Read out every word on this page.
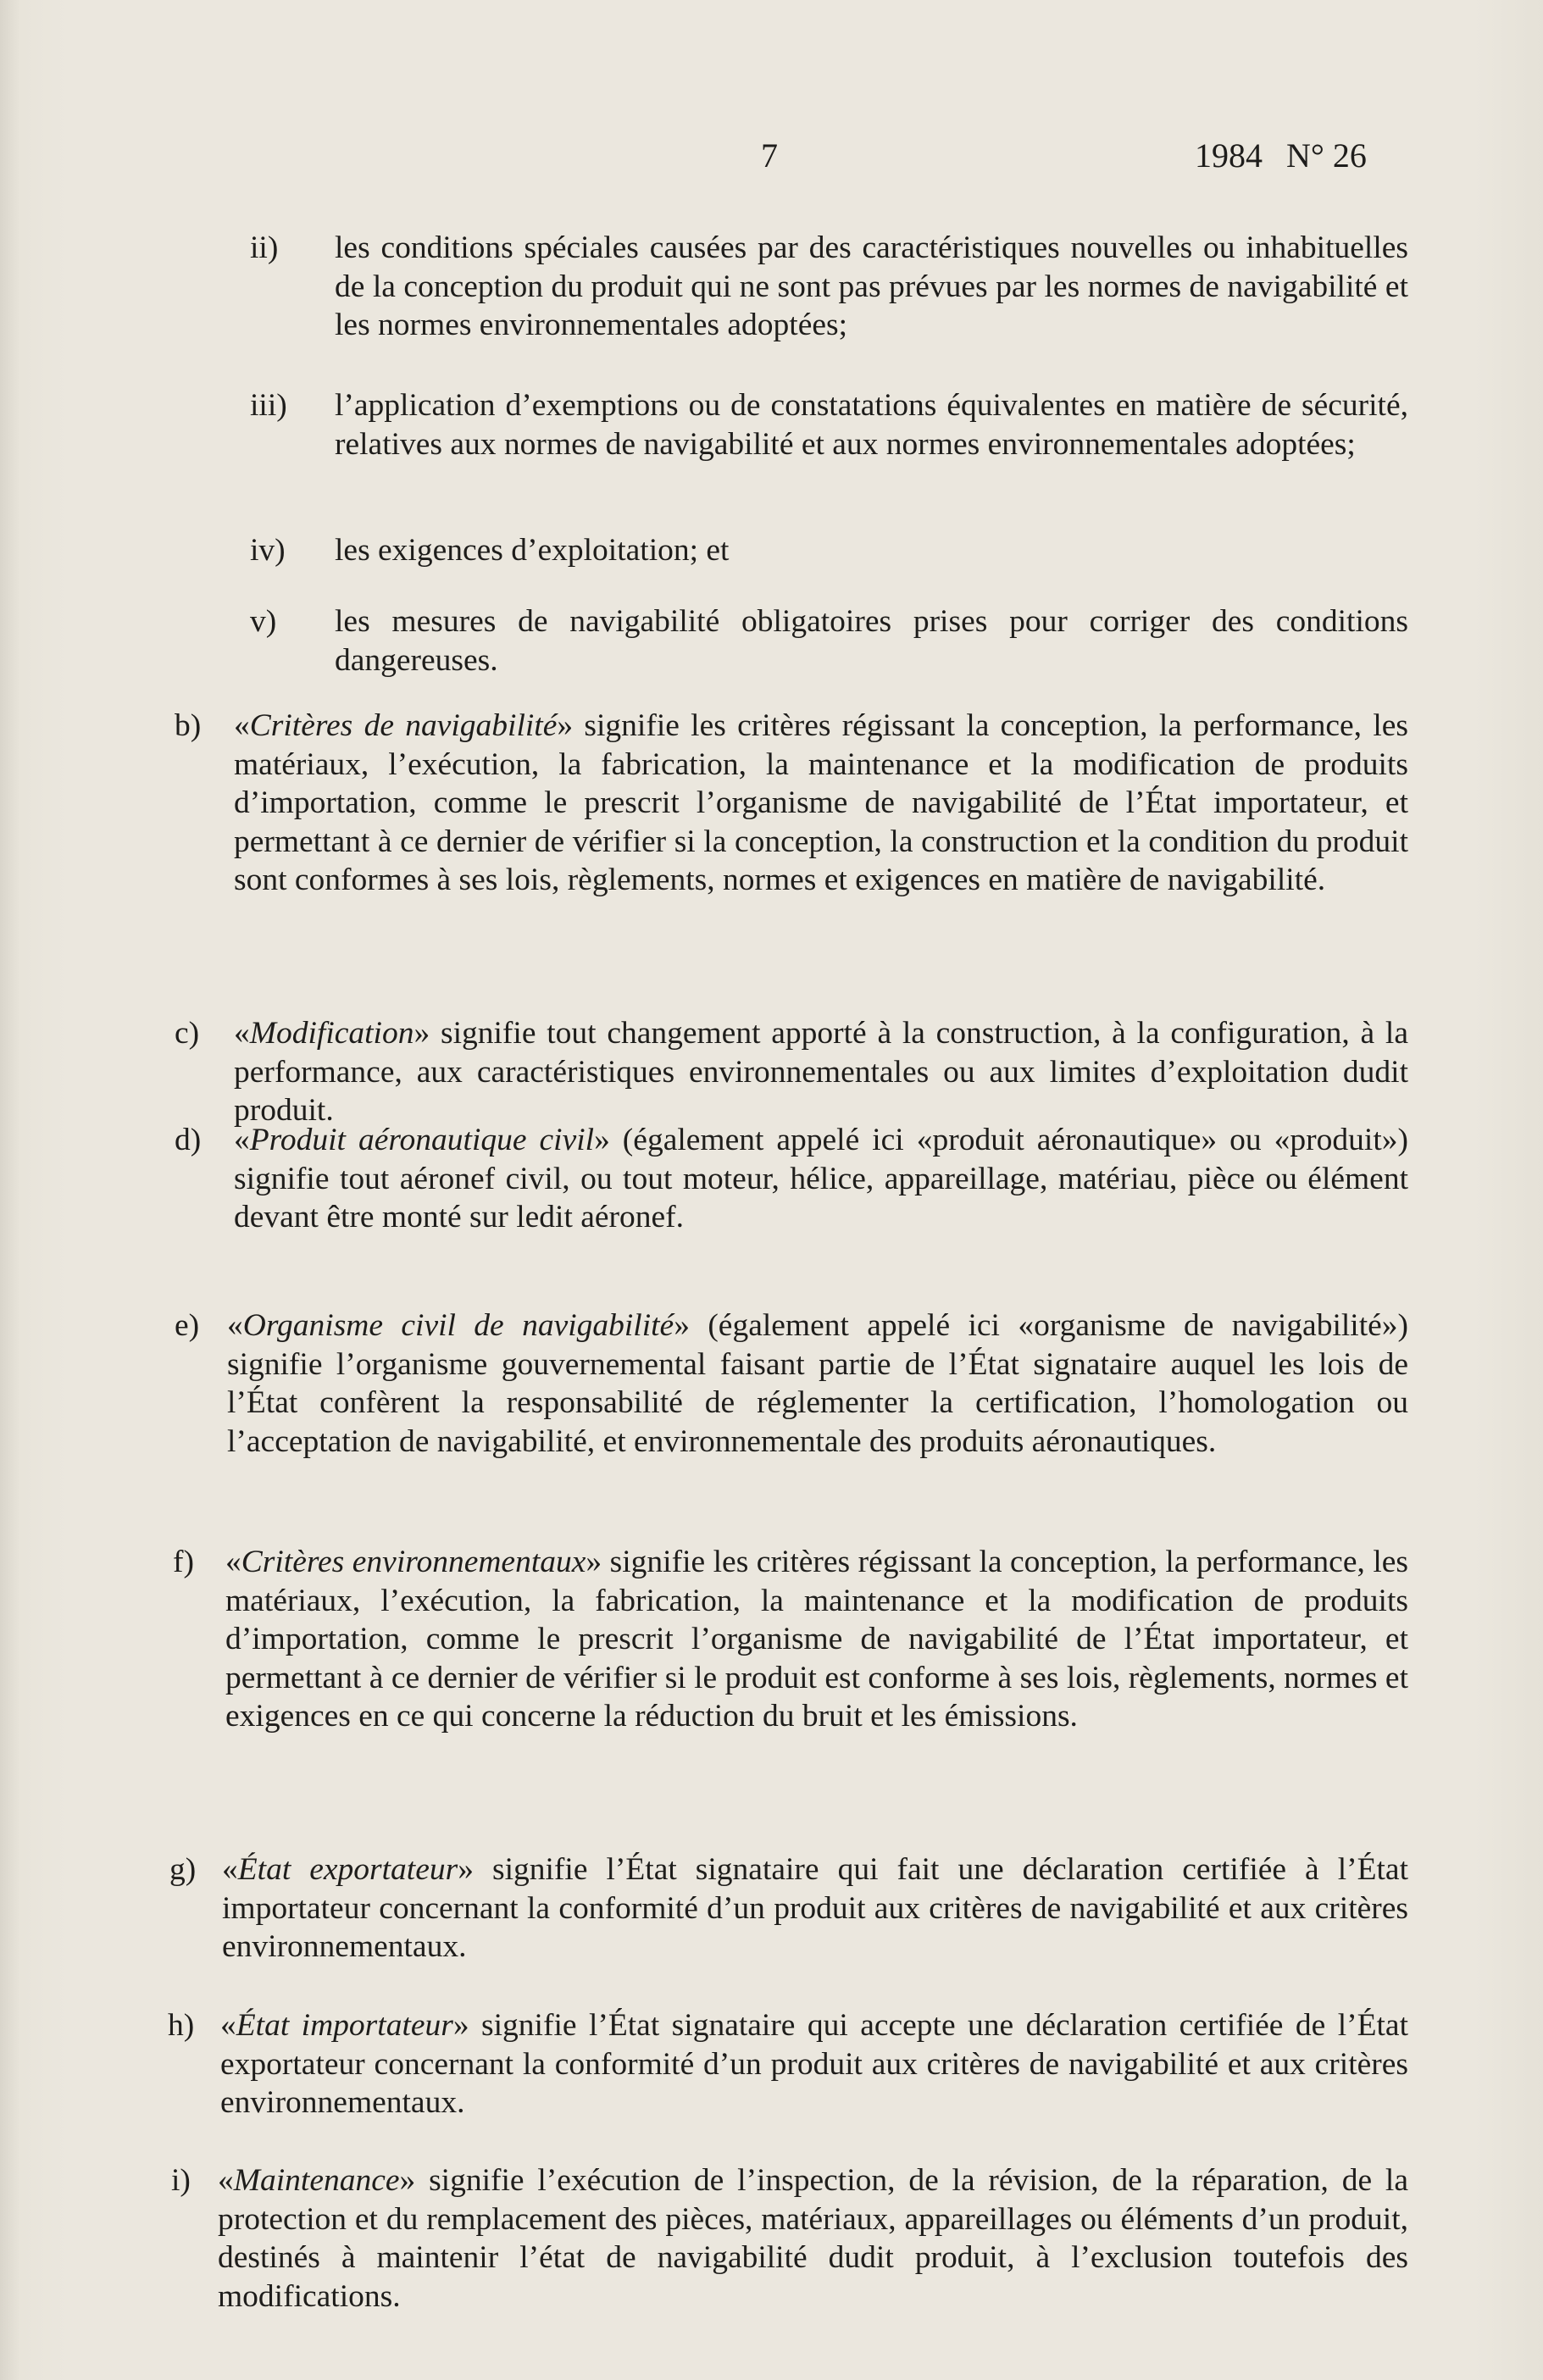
7	1984 N° 26
ii)	les conditions spéciales causées par des caractéristiques nouvelles ou inhabituelles de la conception du produit qui ne sont pas prévues par les normes de navigabilité et les normes environnementales adoptées;
iii)	l’application d’exemptions ou de constatations équivalentes en matière de sécurité, relatives aux normes de navigabilité et aux normes environnementales adoptées;
iv)	les exigences d’exploitation; et
v)	les mesures de navigabilité obligatoires prises pour corriger des conditions dangereuses.
b)	«Critères de navigabilité» signifie les critères régissant la conception, la performance, les matériaux, l’exécution, la fabrication, la maintenance et la modification de produits d’importation, comme le prescrit l’organisme de navigabilité de l’État importateur, et permettant à ce dernier de vérifier si la conception, la construction et la condition du produit sont conformes à ses lois, règlements, normes et exigences en matière de navigabilité.
c)	«Modification» signifie tout changement apporté à la construction, à la configuration, à la performance, aux caractéristiques environnementales ou aux limites d’exploitation dudit produit.
d)	«Produit aéronautique civil» (également appelé ici «produit aéronautique» ou «produit») signifie tout aéronef civil, ou tout moteur, hélice, appareillage, matériau, pièce ou élément devant être monté sur ledit aéronef.
e) «Organisme civil de navigabilité» (également appelé ici «organisme de navigabilité») signifie l’organisme gouvernemental faisant partie de l’État signataire auquel les lois de l’État confèrent la responsabilité de réglementer la certification, l’homologation ou l’acceptation de navigabilité, et environnementale des produits aéronautiques.
f) «Critères environnementaux» signifie les critères régissant la conception, la performance, les matériaux, l’exécution, la fabrication, la maintenance et la modification de produits d’importation, comme le prescrit l’organisme de navigabilité de l’État importateur, et permettant à ce dernier de vérifier si le produit est conforme à ses lois, règlements, normes et exigences en ce qui concerne la réduction du bruit et les émissions.
g) «État exportateur» signifie l’État signataire qui fait une déclaration certifiée à l’État importateur concernant la conformité d’un produit aux critères de navigabilité et aux critères environnementaux.
h) «État importateur» signifie l’État signataire qui accepte une déclaration certifiée de l’État exportateur concernant la conformité d’un produit aux critères de navigabilité et aux critères environnementaux.
i) «Maintenance» signifie l’exécution de l’inspection, de la révision, de la réparation, de la protection et du remplacement des pièces, matériaux, appareillages ou éléments d’un produit, destinés à maintenir l’état de navigabilité dudit produit, à l’exclusion toutefois des modifications.
